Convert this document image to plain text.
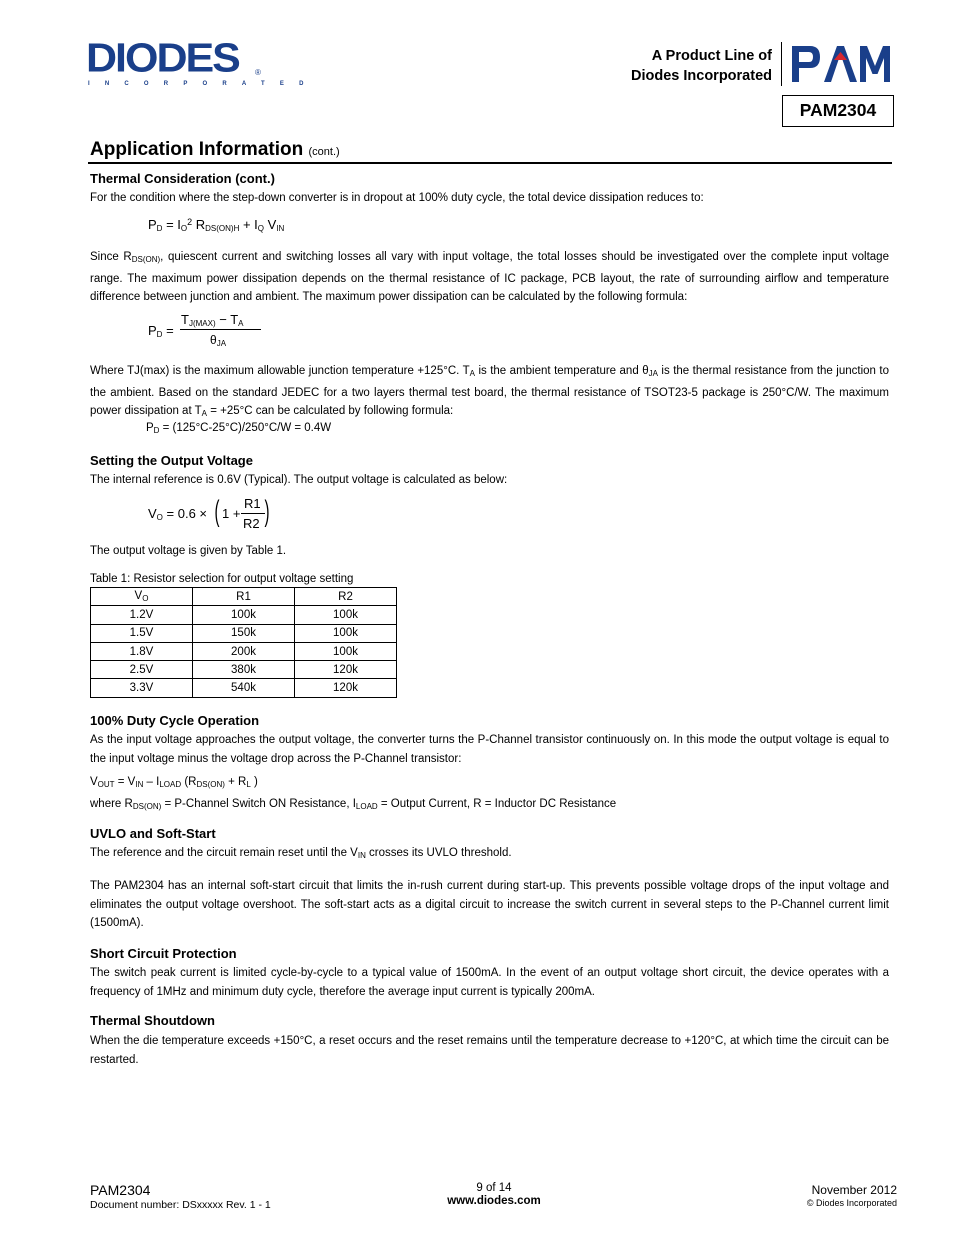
DIODES
INCORPORATED
®
A Product Line of
Diodes Incorporated
PAM2304
Application Information (cont.)
Thermal Consideration (cont.)
For the condition where the step-down converter is in dropout at 100% duty cycle, the total device dissipation reduces to:
$P_D = I_O^2$ $R_{DS(ON)H} + I_Q$ $V_{IN}$
Since $R_{DS(ON)}$, quiescent current and switching losses all vary with input voltage, the total losses should be investigated over the complete input voltage range. The maximum power dissipation depends on the thermal resistance of IC package, PCB layout, the rate of surrounding airflow and temperature difference between junction and ambient. The maximum power dissipation can be calculated by the following formula:
$P_D$ =
$T_{J(MAX)} - T_A$
$\theta_{JA}$
Where TJ(max) is the maximum allowable junction temperature +125°C. $T_A$ is the ambient temperature and $\theta_{JA}$ is the thermal resistance from the junction to the ambient. Based on the standard JEDEC for a two layers thermal test board, the thermal resistance of TSOT23-5 package is 250°C/W. The maximum power dissipation at $T_A = +25^\circ C$ can be calculated by following formula:
$P_D = (125^\circ C-25^\circ C)/250^\circ C/W = 0.4W$
Setting the Output Voltage
The internal reference is 0.6V (Typical). The output voltage is calculated as below:
$V_O = 0.6$ × ( 1 +
R1
R2 )
The output voltage is given by Table 1.
Table 1: Resistor selection for output voltage setting
$V_O$	R1	R2
1.2V	100k	100k
1.5V	150k	100k
1.8V	200k	100k
2.5V	380k	120k
3.3V	540k	120k
100% Duty Cycle Operation
As the input voltage approaches the output voltage, the converter turns the P-Channel transistor continuously on. In this mode the output voltage is equal to the input voltage minus the voltage drop across the P-Channel transistor:
$V_{OUT} = V_{IN} - I_{LOAD}$ ($R_{DS(ON)} + R_L$ )
where $R_{DS(ON)}$ = P-Channel Switch ON Resistance, $I_{LOAD}$ = Output Current, R = Inductor DC Resistance
UVLO and Soft-Start
The reference and the circuit remain reset until the $V_{IN}$ crosses its UVLO threshold.
The PAM2304 has an internal soft-start circuit that limits the in-rush current during start-up. This prevents possible voltage drops of the input voltage and eliminates the output voltage overshoot. The soft-start acts as a digital circuit to increase the switch current in several steps to the P-Channel current limit (1500mA).
Short Circuit Protection
The switch peak current is limited cycle-by-cycle to a typical value of 1500mA. In the event of an output voltage short circuit, the device operates with a frequency of 1MHz and minimum duty cycle, therefore the average input current is typically 200mA.
Thermal Shoutdown
When the die temperature exceeds +150°C, a reset occurs and the reset remains until the temperature decrease to +120°C, at which time the circuit can be restarted.
PAM2304
Document number: DSxxxxx Rev. 1 - 1
9 of 14
www.diodes.com
November 2012
© Diodes Incorporated
